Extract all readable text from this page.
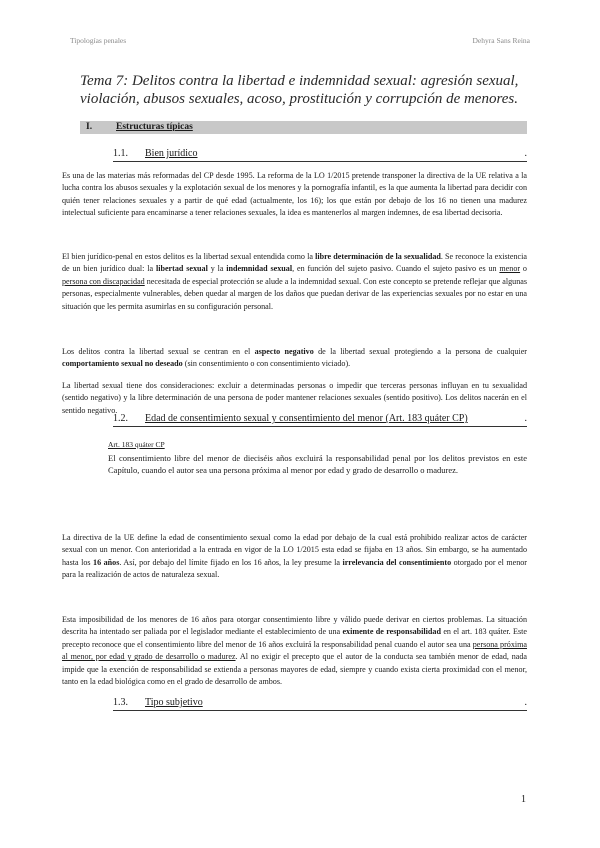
Tipologías penales	Dehyra Sans Reina
Tema 7: Delitos contra la libertad e indemnidad sexual: agresión sexual, violación, abusos sexuales, acoso, prostitución y corrupción de menores.
I.	Estructuras típicas
1.1. Bien jurídico	.
Es una de las materias más reformadas del CP desde 1995. La reforma de la LO 1/2015 pretende transponer la directiva de la UE relativa a la lucha contra los abusos sexuales y la explotación sexual de los menores y la pornografía infantil, es la que aumenta la libertad para decidir con quién tener relaciones sexuales y a partir de qué edad (actualmente, los 16); los que están por debajo de los 16 no tienen una madurez intelectual suficiente para encaminarse a tener relaciones sexuales, la idea es mantenerlos al margen indemnes, de esa libertad decisoria.
El bien jurídico-penal en estos delitos es la libertad sexual entendida como la libre determinación de la sexualidad. Se reconoce la existencia de un bien jurídico dual: la libertad sexual y la indemnidad sexual, en función del sujeto pasivo. Cuando el sujeto pasivo es un menor o persona con discapacidad necesitada de especial protección se alude a la indemnidad sexual. Con este concepto se pretende reflejar que algunas personas, especialmente vulnerables, deben quedar al margen de los daños que puedan derivar de las experiencias sexuales por no estar en una situación que les permita asumirlas en su configuración personal.
Los delitos contra la libertad sexual se centran en el aspecto negativo de la libertad sexual protegiendo a la persona de cualquier comportamiento sexual no deseado (sin consentimiento o con consentimiento viciado).
La libertad sexual tiene dos consideraciones: excluir a determinadas personas o impedir que terceras personas influyan en tu sexualidad (sentido negativo) y la libre determinación de una persona de poder mantener relaciones sexuales (sentido positivo). Los delitos nacerán en el sentido negativo.
1.2. Edad de consentimiento sexual y consentimiento del menor (Art. 183 quáter CP)	.
Art. 183 quáter CP
El consentimiento libre del menor de dieciséis años excluirá la responsabilidad penal por los delitos previstos en este Capítulo, cuando el autor sea una persona próxima al menor por edad y grado de desarrollo o madurez.
La directiva de la UE define la edad de consentimiento sexual como la edad por debajo de la cual está prohibido realizar actos de carácter sexual con un menor. Con anterioridad a la entrada en vigor de la LO 1/2015 esta edad se fijaba en 13 años. Sin embargo, se ha aumentado hasta los 16 años. Así, por debajo del límite fijado en los 16 años, la ley presume la irrelevancia del consentimiento otorgado por el menor para la realización de actos de naturaleza sexual.
Esta imposibilidad de los menores de 16 años para otorgar consentimiento libre y válido puede derivar en ciertos problemas. La situación descrita ha intentado ser paliada por el legislador mediante el establecimiento de una eximente de responsabilidad en el art. 183 quáter. Este precepto reconoce que el consentimiento libre del menor de 16 años excluirá la responsabilidad penal cuando el autor sea una persona próxima al menor, por edad y grado de desarrollo o madurez. Al no exigir el precepto que el autor de la conducta sea también menor de edad, nada impide que la exención de responsabilidad se extienda a personas mayores de edad, siempre y cuando exista cierta proximidad con el menor, tanto en la edad biológica como en el grado de desarrollo de ambos.
1.3. Tipo subjetivo	.
1
